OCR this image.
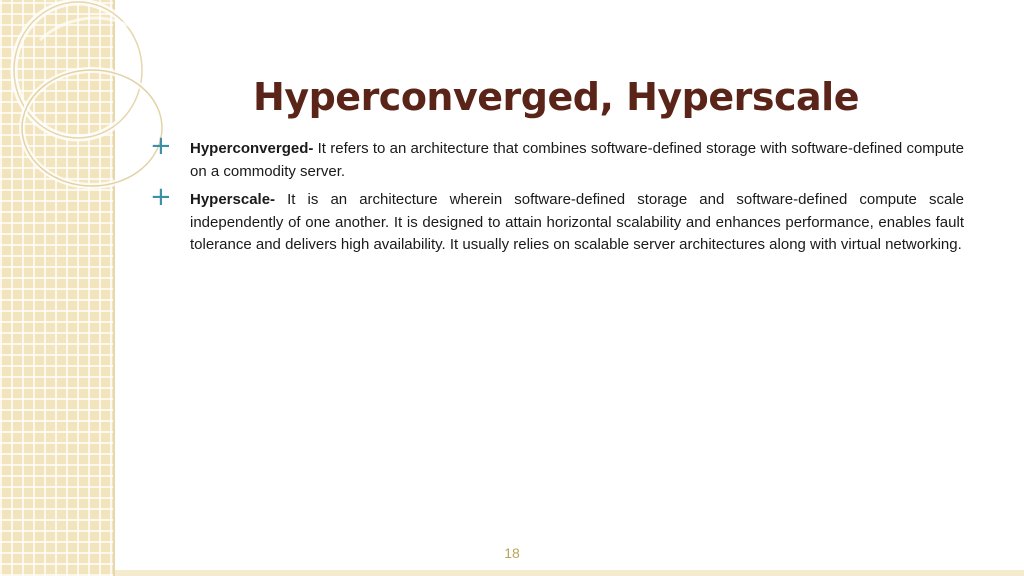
Hyperconverged, Hyperscale
+ Hyperconverged- It refers to an architecture that combines software-defined storage with software-defined compute on a commodity server.
+ Hyperscale- It is an architecture wherein software-defined storage and software-defined compute scale independently of one another. It is designed to attain horizontal scalability and enhances performance, enables fault tolerance and delivers high availability. It usually relies on scalable server architectures along with virtual networking.
18
